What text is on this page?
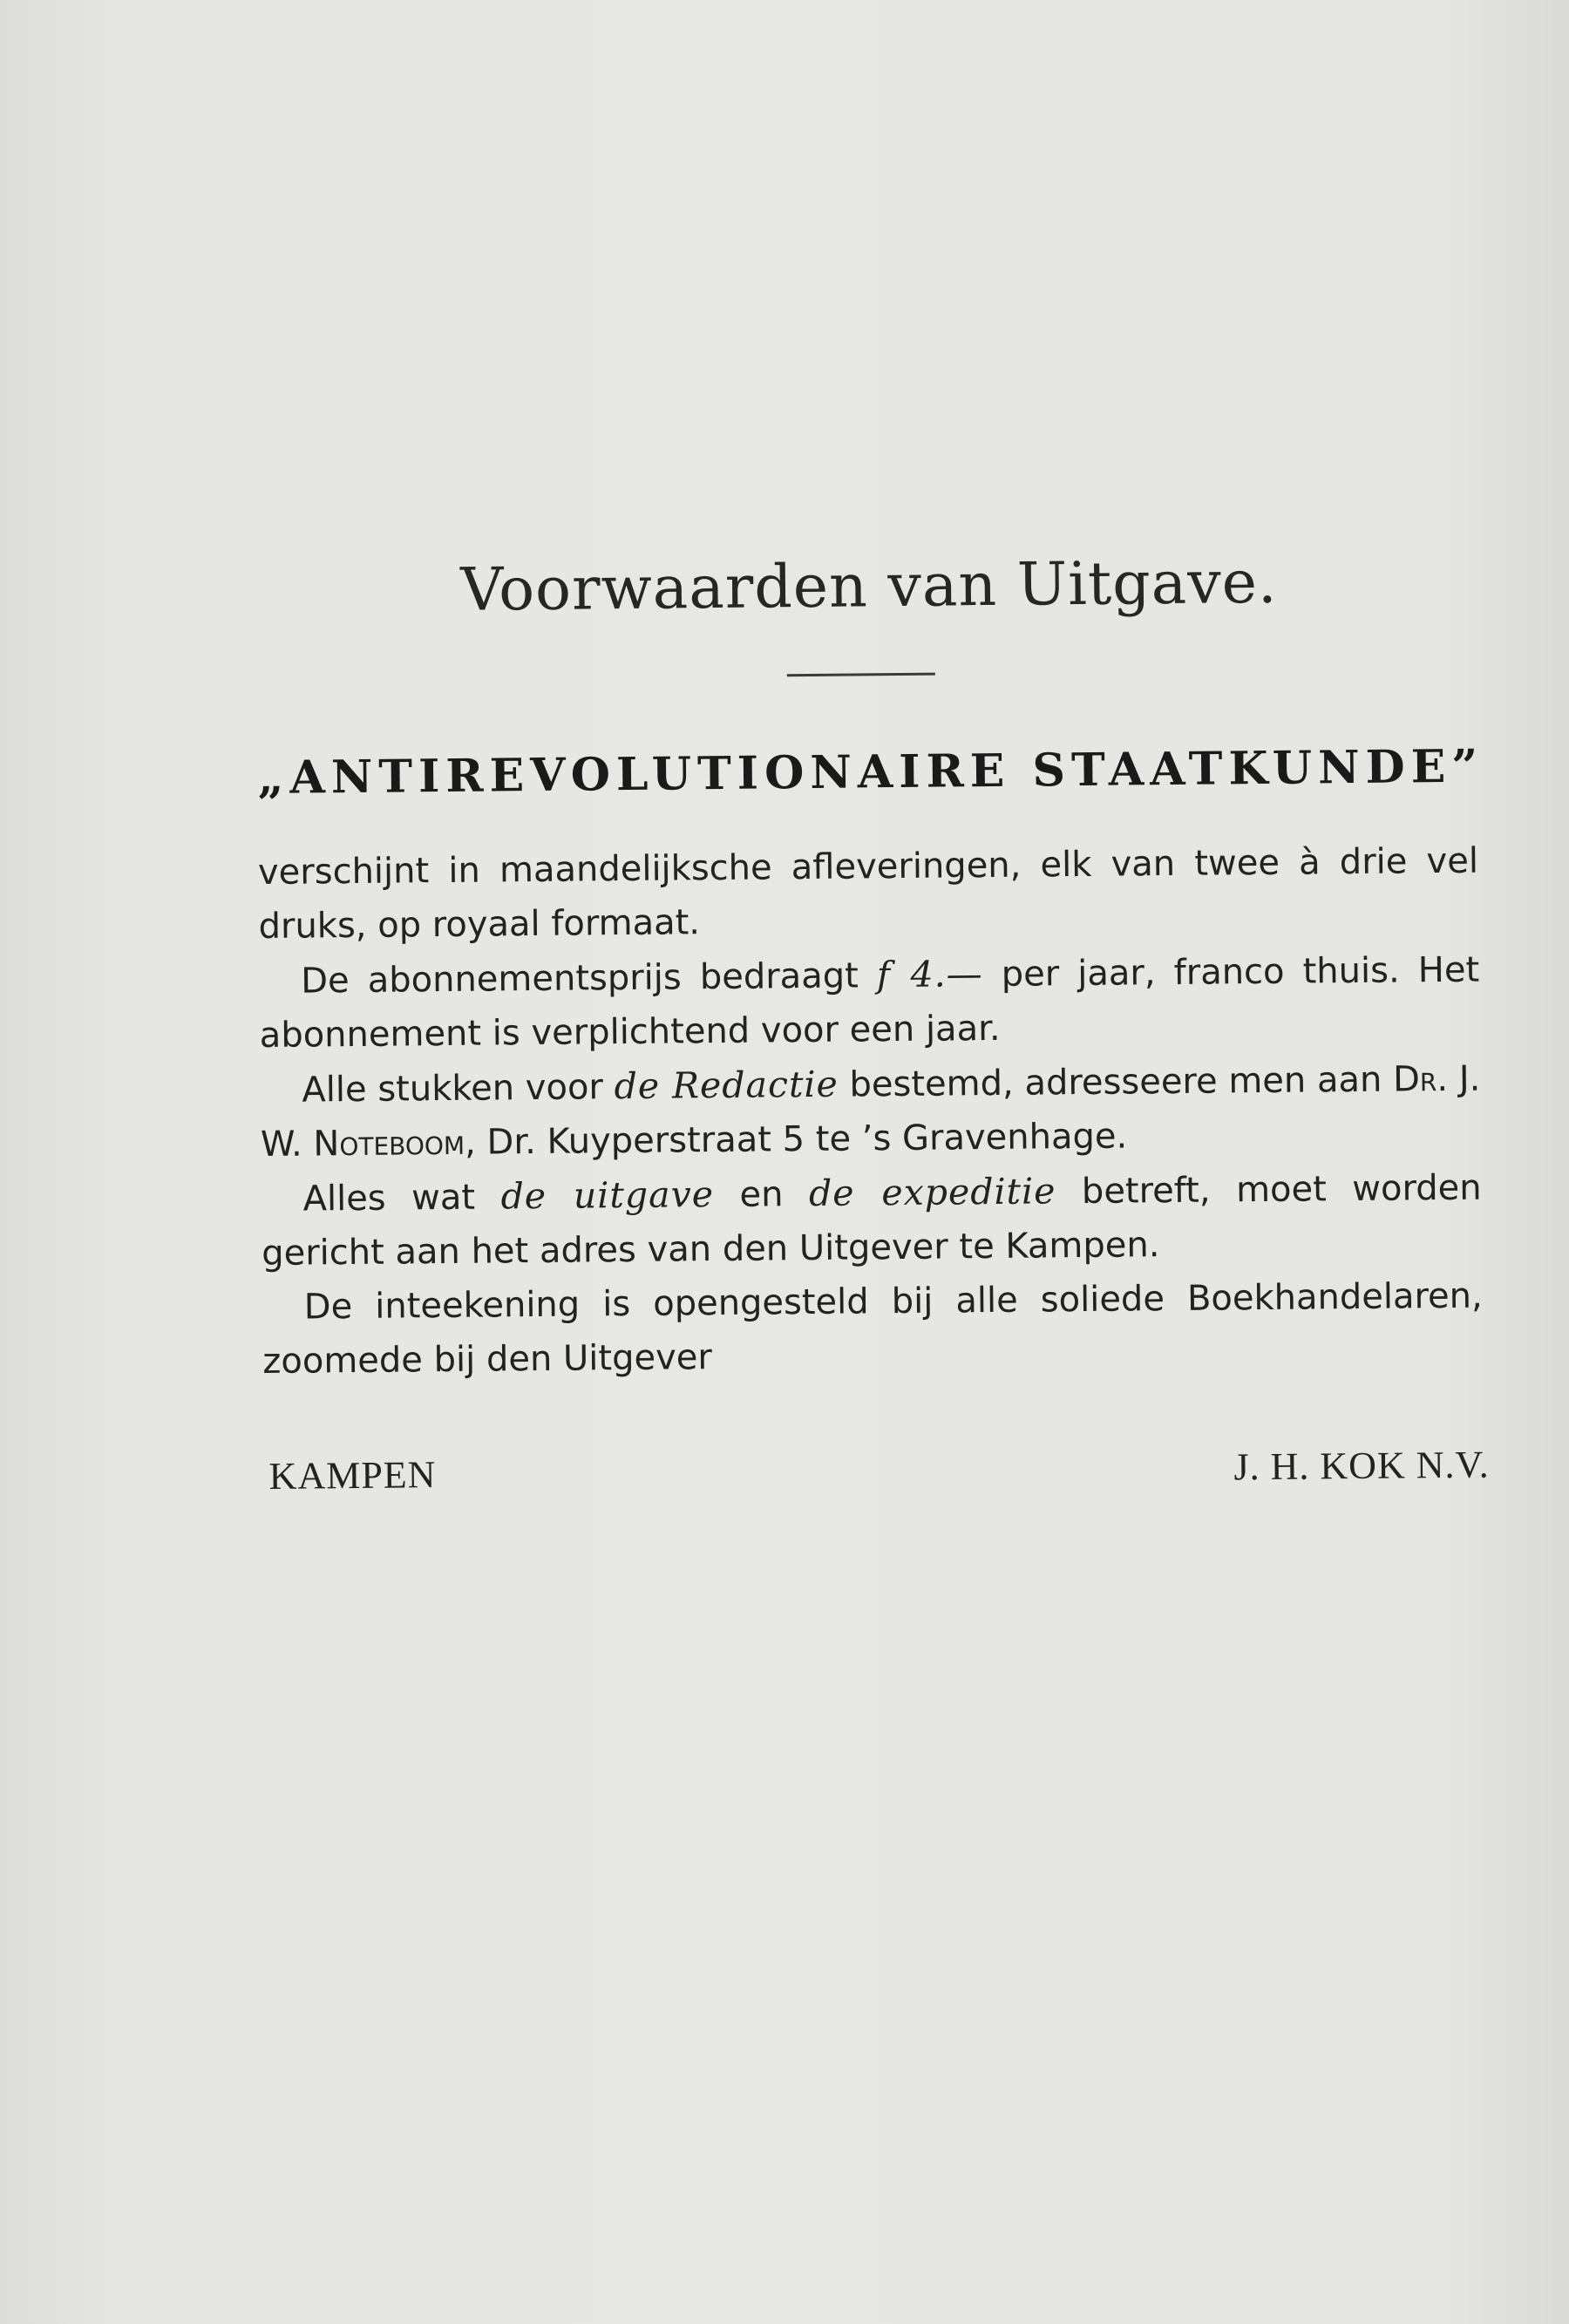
Voorwaarden van Uitgave.
„ANTIREVOLUTIONAIRE STAATKUNDE”

verschijnt in maandelijksche afleveringen, elk van twee à drie vel druks, op royaal formaat.

De abonnementsprijs bedraagt f 4.— per jaar, franco thuis. Het abonnement is verplichtend voor een jaar.

Alle stukken voor de Redactie bestemd, adresseere men aan Dr. J. W. Noteboom, Dr. Kuyperstraat 5 te ’s Gravenhage.

Alles wat de uitgave en de expeditie betreft, moet worden gericht aan het adres van den Uitgever te Kampen.

De inteekening is opengesteld bij alle soliede Boekhandelaren, zoomede bij den Uitgever

KAMPEN	J. H. KOK N.V.
